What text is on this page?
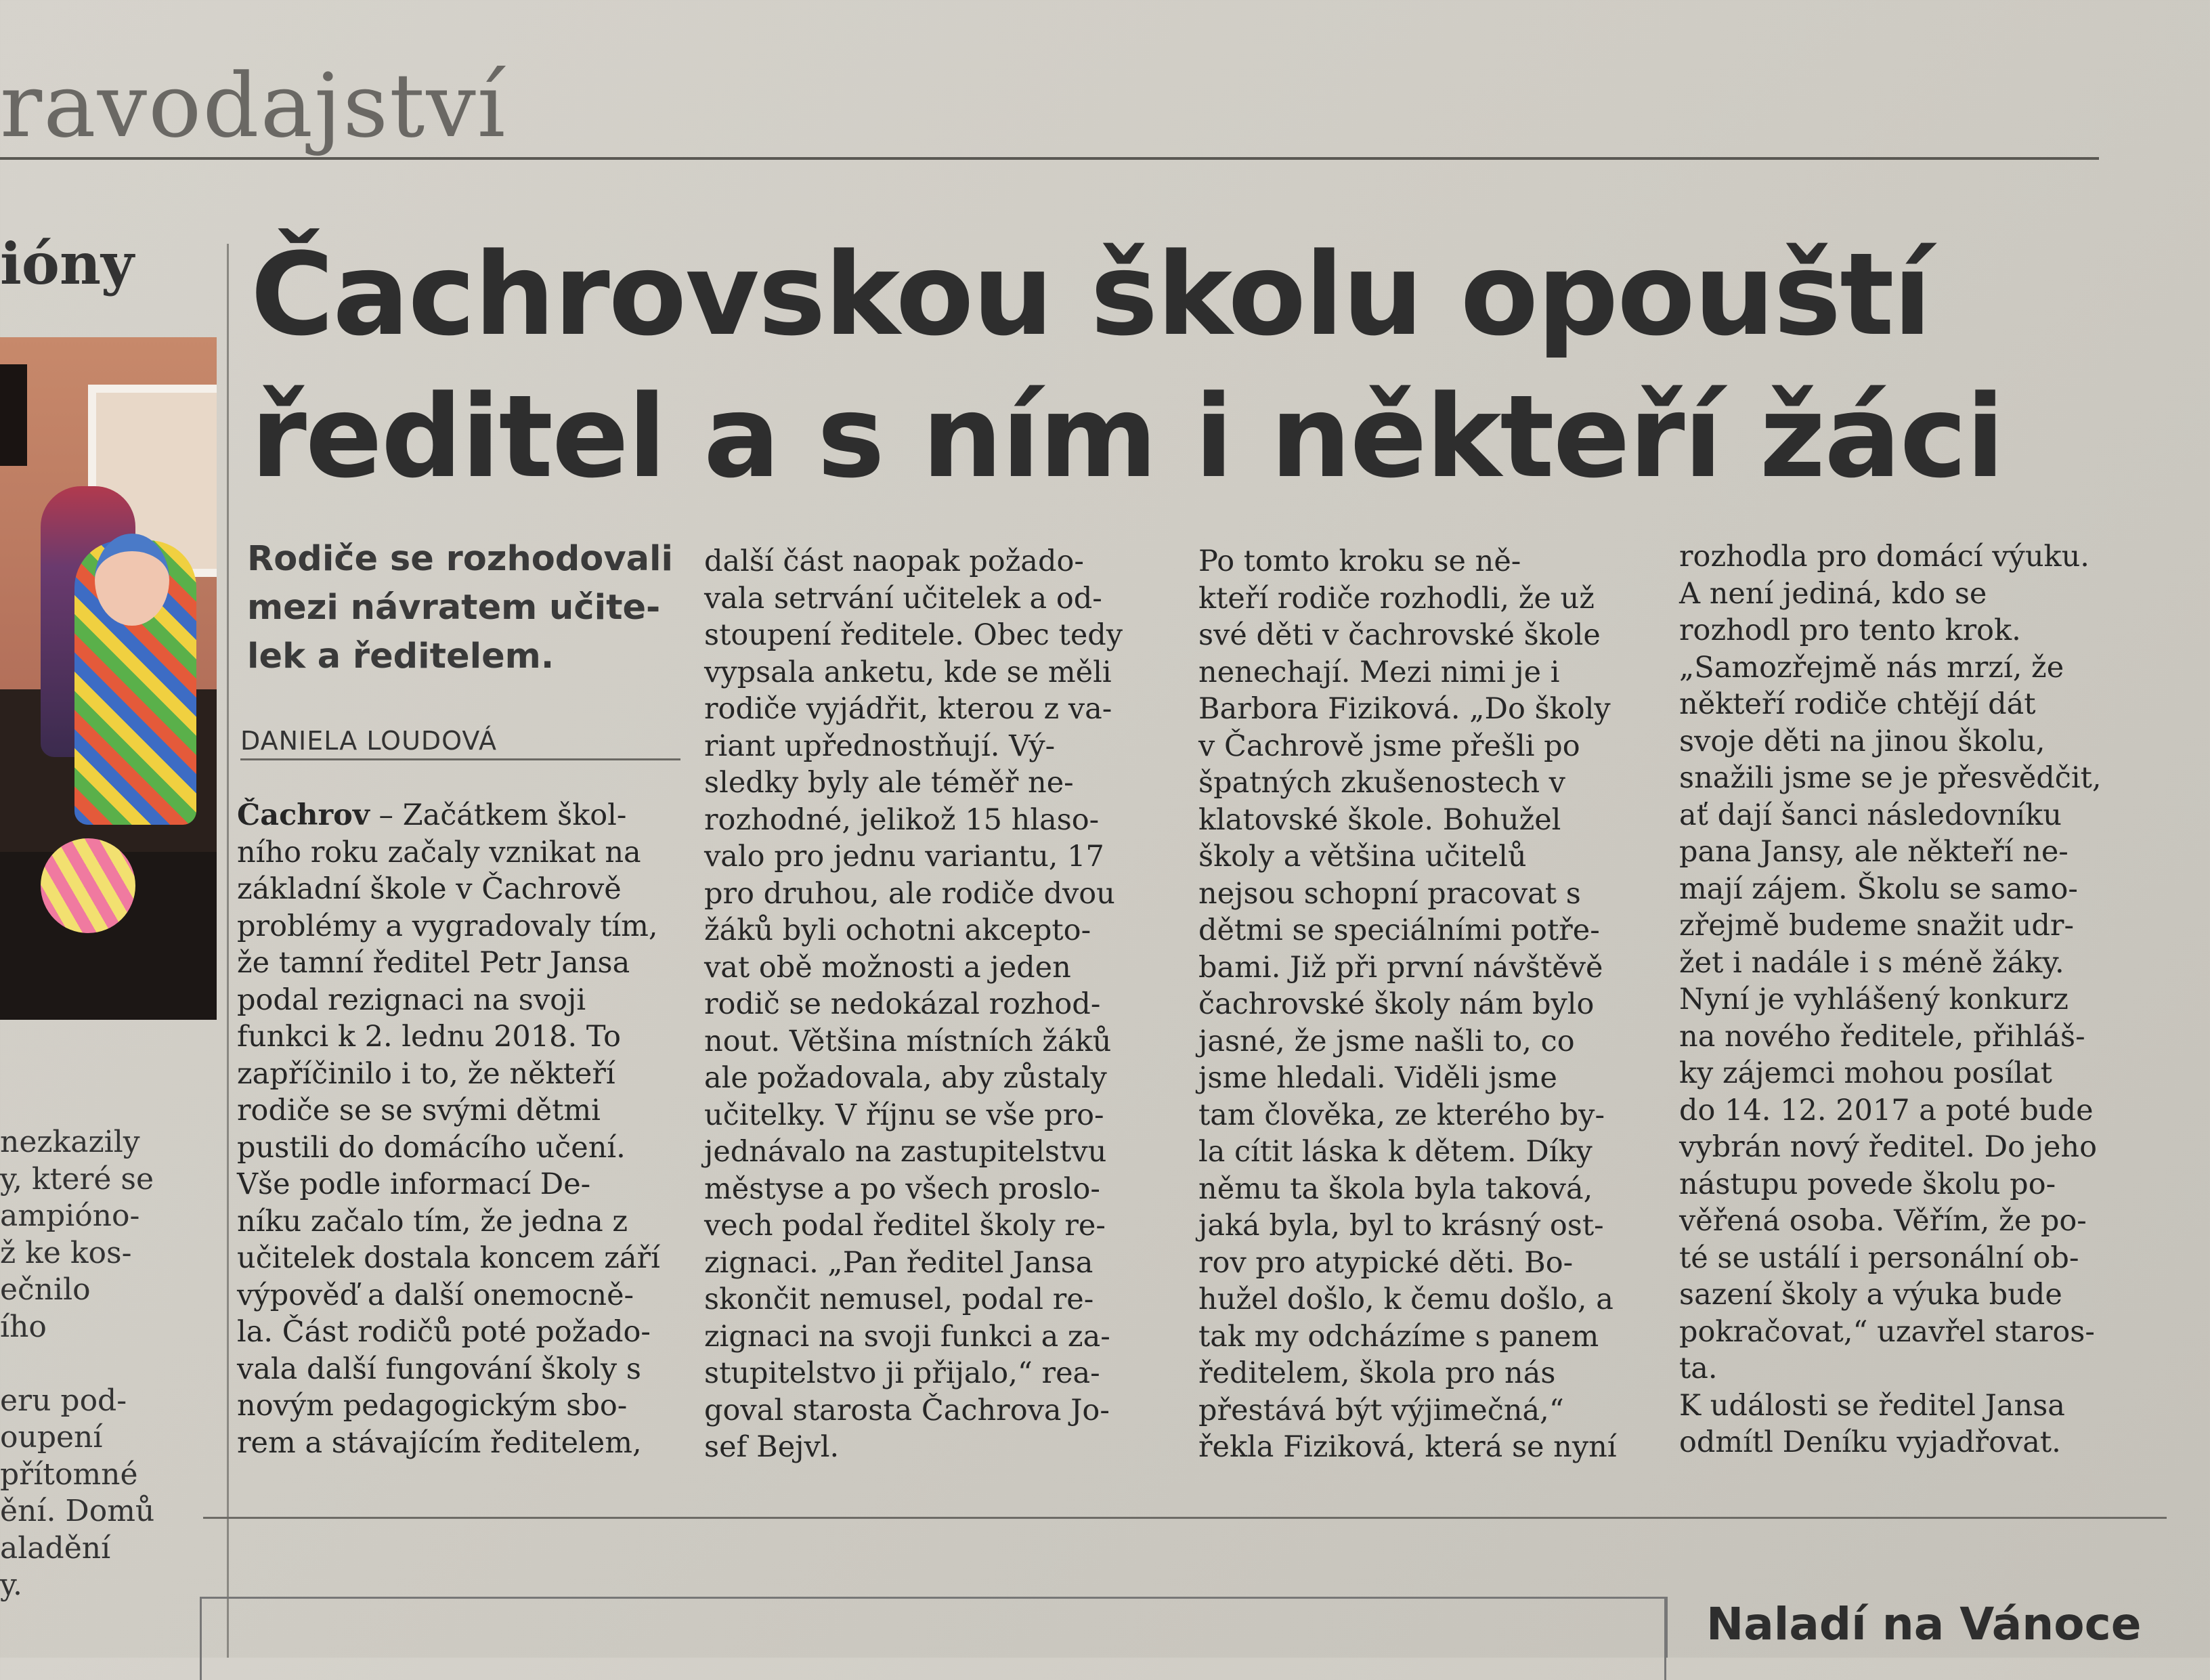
ravodajství
ióny
nezkazily
y, které se
ampióno-
ž ke kos-
ečnilo
ího
eru pod-
oupení
přítomné
ění. Domů
aladění
y.
Čachrovskou školu opouští
ředitel a s ním i někteří žáci
Rodiče se rozhodovali
mezi návratem učite-
lek a ředitelem.
DANIELA LOUDOVÁ
Čachrov – Začátkem škol-
ního roku začaly vznikat na
základní škole v Čachrově
problémy a vygradovaly tím,
že tamní ředitel Petr Jansa
podal rezignaci na svoji
funkci k 2. lednu 2018. To
zapříčinilo i to, že někteří
rodiče se se svými dětmi
pustili do domácího učení.
Vše podle informací De-
níku začalo tím, že jedna z
učitelek dostala koncem září
výpověď a další onemocně-
la. Část rodičů poté požado-
vala další fungování školy s
novým pedagogickým sbo-
rem a stávajícím ředitelem,
další část naopak požado-
vala setrvání učitelek a od-
stoupení ředitele. Obec tedy
vypsala anketu, kde se měli
rodiče vyjádřit, kterou z va-
riant upřednostňují. Vý-
sledky byly ale téměř ne-
rozhodné, jelikož 15 hlaso-
valo pro jednu variantu, 17
pro druhou, ale rodiče dvou
žáků byli ochotni akcepto-
vat obě možnosti a jeden
rodič se nedokázal rozhod-
nout. Většina místních žáků
ale požadovala, aby zůstaly
učitelky. V říjnu se vše pro-
jednávalo na zastupitelstvu
městyse a po všech proslo-
vech podal ředitel školy re-
zignaci. „Pan ředitel Jansa
skončit nemusel, podal re-
zignaci na svoji funkci a za-
stupitelstvo ji přijalo,“ rea-
goval starosta Čachrova Jo-
sef Bejvl.
Po tomto kroku se ně-
kteří rodiče rozhodli, že už
své děti v čachrovské škole
nenechají. Mezi nimi je i
Barbora Fiziková. „Do školy
v Čachrově jsme přešli po
špatných zkušenostech v
klatovské škole. Bohužel
školy a většina učitelů
nejsou schopní pracovat s
dětmi se speciálními potře-
bami. Již při první návštěvě
čachrovské školy nám bylo
jasné, že jsme našli to, co
jsme hledali. Viděli jsme
tam člověka, ze kterého by-
la cítit láska k dětem. Díky
němu ta škola byla taková,
jaká byla, byl to krásný ost-
rov pro atypické děti. Bo-
hužel došlo, k čemu došlo, a
tak my odcházíme s panem
ředitelem, škola pro nás
přestává být výjimečná,“
řekla Fiziková, která se nyní
rozhodla pro domácí výuku.
A není jediná, kdo se
rozhodl pro tento krok.
„Samozřejmě nás mrzí, že
někteří rodiče chtějí dát
svoje děti na jinou školu,
snažili jsme se je přesvědčit,
ať dají šanci následovníku
pana Jansy, ale někteří ne-
mají zájem. Školu se samo-
zřejmě budeme snažit udr-
žet i nadále i s méně žáky.
Nyní je vyhlášený konkurz
na nového ředitele, přihláš-
ky zájemci mohou posílat
do 14. 12. 2017 a poté bude
vybrán nový ředitel. Do jeho
nástupu povede školu po-
věřená osoba. Věřím, že po-
té se ustálí i personální ob-
sazení školy a výuka bude
pokračovat,“ uzavřel staros-
ta.
K události se ředitel Jansa
odmítl Deníku vyjadřovat.
Naladí na Vánoce
